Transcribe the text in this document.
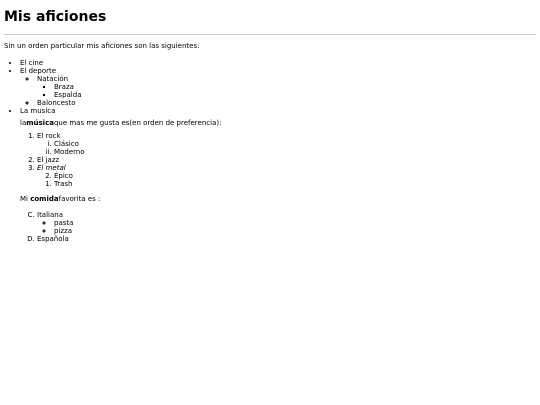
Mis aficiones

Sin un orden particular mis aficiones son las siguientes:

• El cine
• El deporte
◦ Natación
▪ Braza
▪ Espalda
◦ Baloncesto
• La musica

lamúsicaque mas me gusta es(en orden de preferencia):

1. El rock
i. Clásico
ii. Moderno
2. El jazz
3. El metal
2. Épico
1. Trash

Mi comidafavorita es :

C. Italiana
◦ pasta
◦ pizza
D. Española
